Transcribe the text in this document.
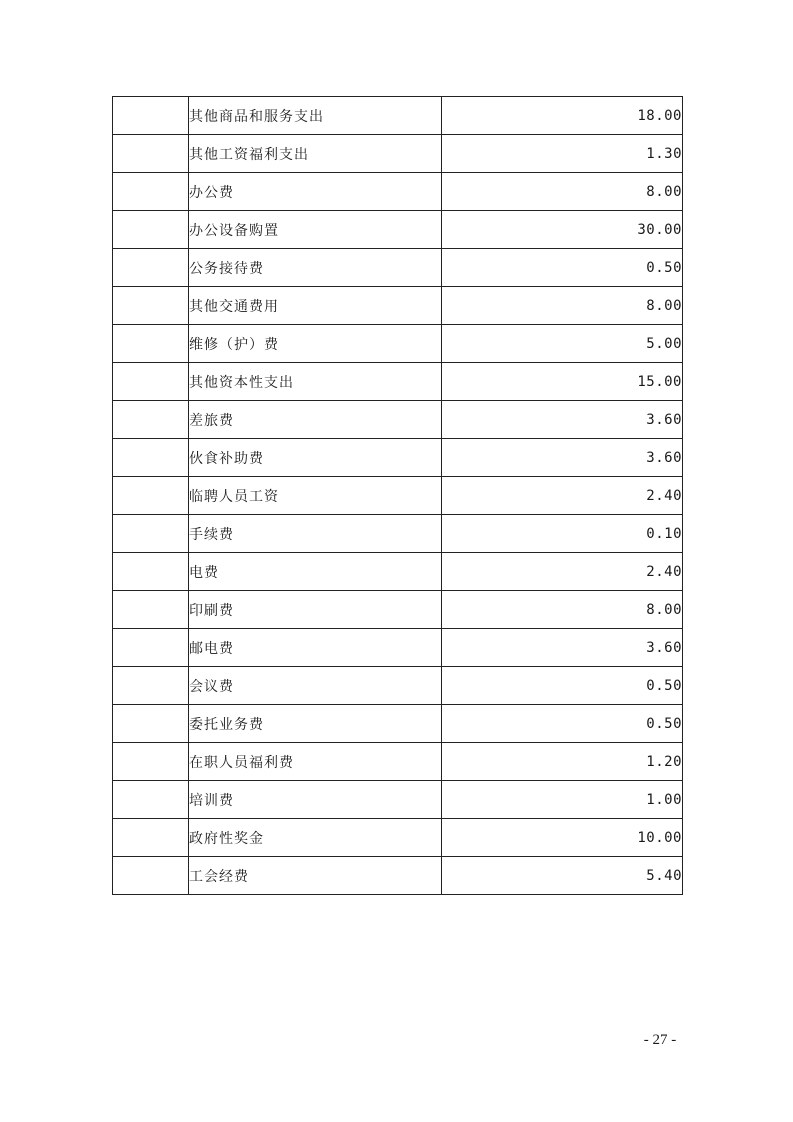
	其他商品和服务支出	18.00
	其他工资福利支出	1.30
	办公费	8.00
	办公设备购置	30.00
	公务接待费	0.50
	其他交通费用	8.00
	维修（护）费	5.00
	其他资本性支出	15.00
	差旅费	3.60
	伙食补助费	3.60
	临聘人员工资	2.40
	手续费	0.10
	电费	2.40
	印刷费	8.00
	邮电费	3.60
	会议费	0.50
	委托业务费	0.50
	在职人员福利费	1.20
	培训费	1.00
	政府性奖金	10.00
	工会经费	5.40
- 27 -
